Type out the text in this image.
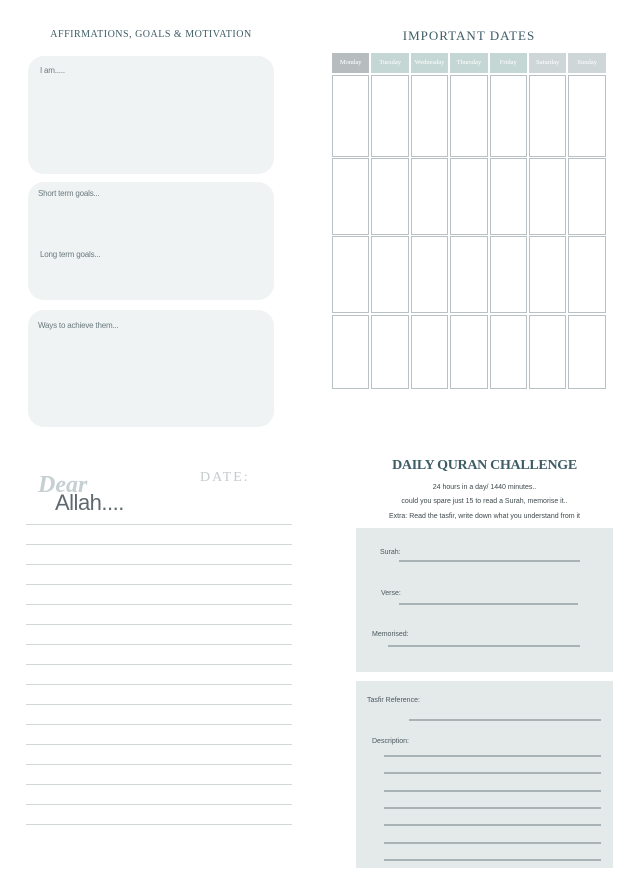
AFFIRMATIONS, GOALS & MOTIVATION
I am.....
Short term goals...
Long term goals...
Ways to achieve them...
IMPORTANT DATES
Monday	Tuesday	Wednesday	Thursday	Friday	Saturday	Sunday
DATE:
Dear
Allah....
DAILY QURAN CHALLENGE
24 hours in a day/ 1440 minutes..
could you spare just 15 to read a Surah, memorise it..
Extra: Read the tasfir, write down what you understand from it
Surah:
Verse:
Memorised:
Tasfir Reference:
Description:
